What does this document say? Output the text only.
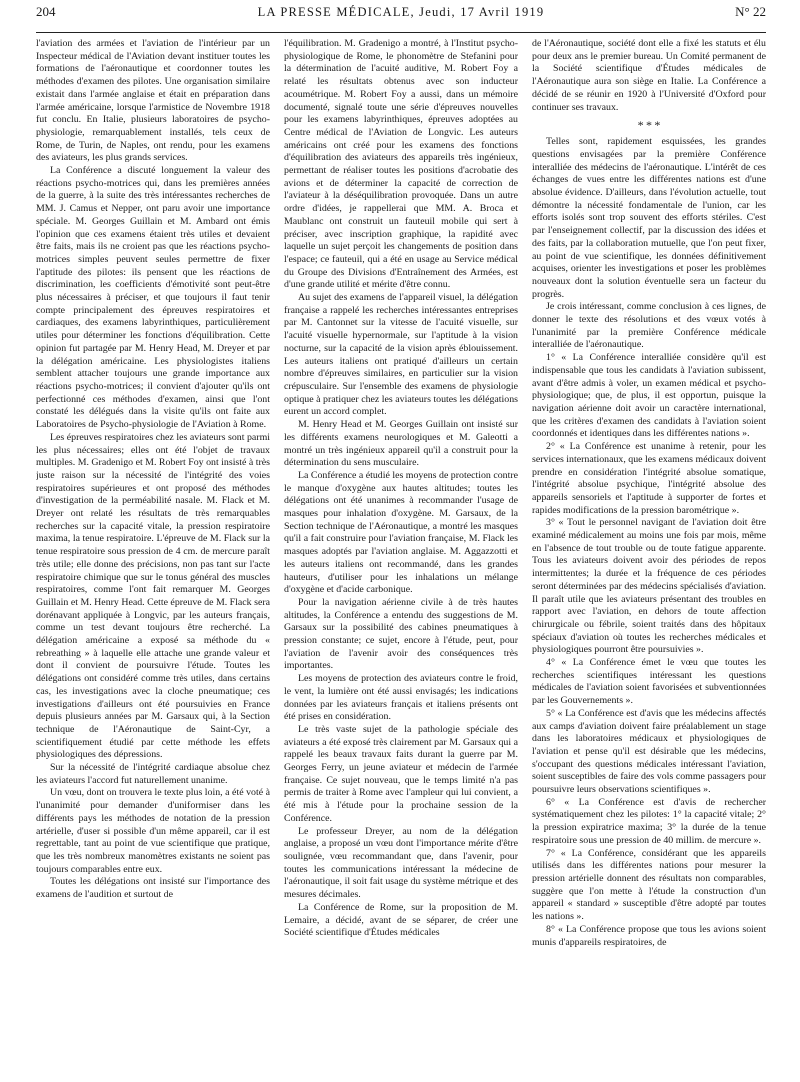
204	LA PRESSE MÉDICALE, Jeudi, 17 Avril 1919	N° 22

l'aviation des armées et l'aviation de l'intérieur par un Inspecteur médical de l'Aviation devant instituer toutes les formations de l'aéronautique et coordonner toutes les méthodes d'examen des pilotes. Une organisation similaire existait dans l'armée anglaise et était en préparation dans l'armée américaine, lorsque l'armistice de Novembre 1918 fut conclu. En Italie, plusieurs laboratoires de psycho-physiologie, remarquablement installés, tels ceux de Rome, de Turin, de Naples, ont rendu, pour les examens des aviateurs, les plus grands services.

La Conférence a discuté longuement la valeur des réactions psycho-motrices qui, dans les premières années de la guerre, à la suite des très intéressantes recherches de MM. J. Camus et Nepper, ont paru avoir une importance spéciale. M. Georges Guillain et M. Ambard ont émis l'opinion que ces examens étaient très utiles et devaient être faits, mais ils ne croient pas que les réactions psycho-motrices simples peuvent seules permettre de fixer l'aptitude des pilotes: ils pensent que les réactions de discrimination, les coefficients d'émotivité sont peut-être plus nécessaires à préciser, et que toujours il faut tenir compte principalement des épreuves respiratoires et cardiaques, des examens labyrinthiques, particulièrement utiles pour déterminer les fonctions d'équilibration. Cette opinion fut partagée par M. Henry Head, M. Dreyer et par la délégation américaine. Les physiologistes italiens semblent attacher toujours une grande importance aux réactions psycho-motrices; il convient d'ajouter qu'ils ont perfectionné ces méthodes d'examen, ainsi que l'ont constaté les délégués dans la visite qu'ils ont faite aux Laboratoires de Psycho-physiologie de l'Aviation à Rome.

Les épreuves respiratoires chez les aviateurs sont parmi les plus nécessaires; elles ont été l'objet de travaux multiples. M. Gradenigo et M. Robert Foy ont insisté à très juste raison sur la nécessité de l'intégrité des voies respiratoires supérieures et ont proposé des méthodes d'investigation de la perméabilité nasale. M. Flack et M. Dreyer ont relaté les résultats de très remarquables recherches sur la capacité vitale, la pression respiratoire maxima, la tenue respiratoire. L'épreuve de M. Flack sur la tenue respiratoire sous pression de 4 cm. de mercure paraît très utile; elle donne des précisions, non pas tant sur l'acte respiratoire chimique que sur le tonus général des muscles respiratoires, comme l'ont fait remarquer M. Georges Guillain et M. Henry Head. Cette épreuve de M. Flack sera dorénavant appliquée à Longvic, par les auteurs français, comme un test devant toujours être recherché. La délégation américaine a exposé sa méthode du « rebreathing » à laquelle elle attache une grande valeur et dont il convient de poursuivre l'étude. Toutes les délégations ont considéré comme très utiles, dans certains cas, les investigations avec la cloche pneumatique; ces investigations d'ailleurs ont été poursuivies en France depuis plusieurs années par M. Garsaux qui, à la Section technique de l'Aéronautique de Saint-Cyr, a scientifiquement étudié par cette méthode les effets physiologiques des dépressions.

Sur la nécessité de l'intégrité cardiaque absolue chez les aviateurs l'accord fut naturellement unanime.

Un vœu, dont on trouvera le texte plus loin, a été voté à l'unanimité pour demander d'uniformiser dans les différents pays les méthodes de notation de la pression artérielle, d'user si possible d'un même appareil, car il est regrettable, tant au point de vue scientifique que pratique, que les très nombreux manomètres existants ne soient pas toujours comparables entre eux.

Toutes les délégations ont insisté sur l'importance des examens de l'audition et surtout de

l'équilibration. M. Gradenigo a montré, à l'Institut psycho-physiologique de Rome, le phonomètre de Stefanini pour la détermination de l'acuité auditive, M. Robert Foy a relaté les résultats obtenus avec son inducteur acoumétrique. M. Robert Foy a aussi, dans un mémoire documenté, signalé toute une série d'épreuves nouvelles pour les examens labyrinthiques, épreuves adoptées au Centre médical de l'Aviation de Longvic. Les auteurs américains ont créé pour les examens des fonctions d'équilibration des aviateurs des appareils très ingénieux, permettant de réaliser toutes les positions d'acrobatie des avions et de déterminer la capacité de correction de l'aviateur à la déséquilibration provoquée. Dans un autre ordre d'idées, je rappellerai que MM. A. Broca et Maublanc ont construit un fauteuil mobile qui sert à préciser, avec inscription graphique, la rapidité avec laquelle un sujet perçoit les changements de position dans l'espace; ce fauteuil, qui a été en usage au Service médical du Groupe des Divisions d'Entraînement des Armées, est d'une grande utilité et mérite d'être connu.

Au sujet des examens de l'appareil visuel, la délégation française a rappelé les recherches intéressantes entreprises par M. Cantonnet sur la vitesse de l'acuité visuelle, sur l'acuité visuelle hypernormale, sur l'aptitude à la vision nocturne, sur la capacité de la vision après éblouissement. Les auteurs italiens ont pratiqué d'ailleurs un certain nombre d'épreuves similaires, en particulier sur la vision crépusculaire. Sur l'ensemble des examens de physiologie optique à pratiquer chez les aviateurs toutes les délégations eurent un accord complet.

M. Henry Head et M. Georges Guillain ont insisté sur les différents examens neurologiques et M. Galeotti a montré un très ingénieux appareil qu'il a construit pour la détermination du sens musculaire.

La Conférence a étudié les moyens de protection contre le manque d'oxygène aux hautes altitudes; toutes les délégations ont été unanimes à recommander l'usage de masques pour inhalation d'oxygène. M. Garsaux, de la Section technique de l'Aéronautique, a montré les masques qu'il a fait construire pour l'aviation française, M. Flack les masques adoptés par l'aviation anglaise. M. Aggazzotti et les auteurs italiens ont recommandé, dans les grandes hauteurs, d'utiliser pour les inhalations un mélange d'oxygène et d'acide carbonique.

Pour la navigation aérienne civile à de très hautes altitudes, la Conférence a entendu des suggestions de M. Garsaux sur la possibilité des cabines pneumatiques à pression constante; ce sujet, encore à l'étude, peut, pour l'aviation de l'avenir avoir des conséquences très importantes.

Les moyens de protection des aviateurs contre le froid, le vent, la lumière ont été aussi envisagés; les indications données par les aviateurs français et italiens présents ont été prises en considération.

Le très vaste sujet de la pathologie spéciale des aviateurs a été exposé très clairement par M. Garsaux qui a rappelé les beaux travaux faits durant la guerre par M. Georges Ferry, un jeune aviateur et médecin de l'armée française. Ce sujet nouveau, que le temps limité n'a pas permis de traiter à Rome avec l'ampleur qui lui convient, a été mis à l'étude pour la prochaine session de la Conférence.

Le professeur Dreyer, au nom de la délégation anglaise, a proposé un vœu dont l'importance mérite d'être soulignée, vœu recommandant que, dans l'avenir, pour toutes les communications intéressant la médecine de l'aéronautique, il soit fait usage du système métrique et des mesures décimales.

La Conférence de Rome, sur la proposition de M. Lemaire, a décidé, avant de se séparer, de créer une Société scientifique d'Études médicales

de l'Aéronautique, société dont elle a fixé les statuts et élu pour deux ans le premier bureau. Un Comité permanent de la Société scientifique d'Études médicales de l'Aéronautique aura son siège en Italie. La Conférence a décidé de se réunir en 1920 à l'Université d'Oxford pour continuer ses travaux.

* * *

Telles sont, rapidement esquissées, les grandes questions envisagées par la première Conférence interalliée des médecins de l'aéronautique. L'intérêt de ces échanges de vues entre les différentes nations est d'une absolue évidence. D'ailleurs, dans l'évolution actuelle, tout démontre la nécessité fondamentale de l'union, car les efforts isolés sont trop souvent des efforts stériles. C'est par l'enseignement collectif, par la discussion des idées et des faits, par la collaboration mutuelle, que l'on peut fixer, au point de vue scientifique, les données définitivement acquises, orienter les investigations et poser les problèmes nouveaux dont la solution éventuelle sera un facteur du progrès.

Je crois intéressant, comme conclusion à ces lignes, de donner le texte des résolutions et des vœux votés à l'unanimité par la première Conférence médicale interalliée de l'aéronautique.

1° « La Conférence interalliée considère qu'il est indispensable que tous les candidats à l'aviation subissent, avant d'être admis à voler, un examen médical et psycho-physiologique; que, de plus, il est opportun, puisque la navigation aérienne doit avoir un caractère international, que les critères d'examen des candidats à l'aviation soient coordonnés et identiques dans les différentes nations ».

2° « La Conférence est unanime à retenir, pour les services internationaux, que les examens médicaux doivent prendre en considération l'intégrité absolue somatique, l'intégrité absolue psychique, l'intégrité absolue des appareils sensoriels et l'aptitude à supporter de fortes et rapides modifications de la pression barométrique ».

3° « Tout le personnel navigant de l'aviation doit être examiné médicalement au moins une fois par mois, même en l'absence de tout trouble ou de toute fatigue apparente. Tous les aviateurs doivent avoir des périodes de repos intermittentes; la durée et la fréquence de ces périodes seront déterminées par des médecins spécialisés d'aviation. Il paraît utile que les aviateurs présentant des troubles en rapport avec l'aviation, en dehors de toute affection chirurgicale ou fébrile, soient traités dans des hôpitaux spéciaux d'aviation où toutes les recherches médicales et physiologiques pourront être poursuivies ».

4° « La Conférence émet le vœu que toutes les recherches scientifiques intéressant les questions médicales de l'aviation soient favorisées et subventionnées par les Gouvernements ».

5° « La Conférence est d'avis que les médecins affectés aux camps d'aviation doivent faire préalablement un stage dans les laboratoires médicaux et physiologiques de l'aviation et pense qu'il est désirable que les médecins, s'occupant des questions médicales intéressant l'aviation, soient susceptibles de faire des vols comme passagers pour poursuivre leurs observations scientifiques ».

6° « La Conférence est d'avis de rechercher systématiquement chez les pilotes: 1° la capacité vitale; 2° la pression expiratrice maxima; 3° la durée de la tenue respiratoire sous une pression de 40 millim. de mercure ».

7° « La Conférence, considérant que les appareils utilisés dans les différentes nations pour mesurer la pression artérielle donnent des résultats non comparables, suggère que l'on mette à l'étude la construction d'un appareil « standard » susceptible d'être adopté par toutes les nations ».

8° « La Conférence propose que tous les avions soient munis d'appareils respiratoires, de
